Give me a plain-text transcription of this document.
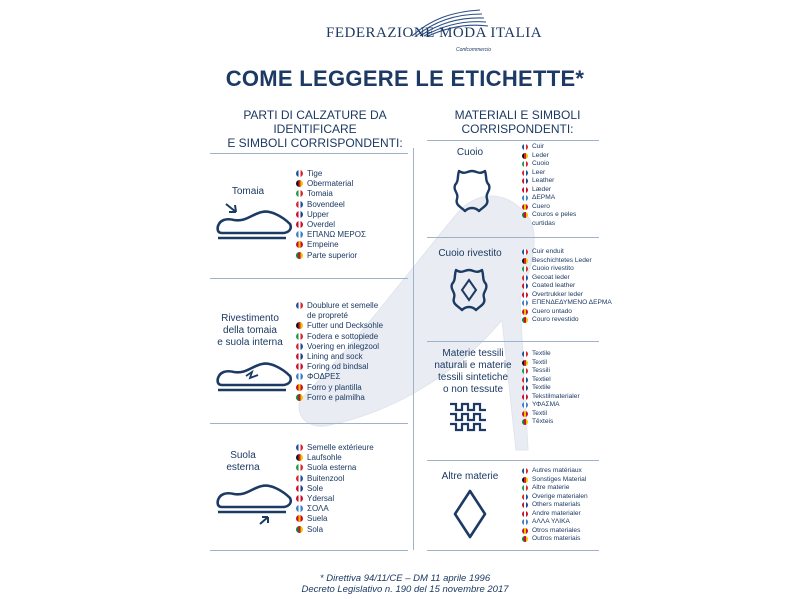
FEDERAZIONE MODA ITALIA
Confcommercio
COME LEGGERE LE ETICHETTE*
PARTI DI CALZATURE DA
IDENTIFICARE
E SIMBOLI CORRISPONDENTI:
MATERIALI E SIMBOLI
CORRISPONDENTI:
Tomaia
Tige
Obermaterial
Tomaia
Bovendeel
Upper
Overdel
ΕΠΑΝΩ ΜΕΡΟΣ
Empeine
Parte superior
Rivestimento
della tomaia
e suola interna
Doublure et semelle
de propreté
Futter und Decksohle
Fodera e sottopiede
Voering en inlegzool
Lining and sock
Foring od bindsal
ΦΟΔΡΕΣ
Forro y plantilla
Forro e palmilha
Suola
esterna
Semelle extérieure
Laufsohle
Suola esterna
Buitenzool
Sole
Ydersal
ΣΟΛΑ
Suela
Sola
Cuoio
Cuir
Leder
Cuoio
Leer
Leather
Læder
ΔΕΡΜΑ
Cuero
Couros e peles
curtidas
Cuoio rivestito	Cuir enduit
Beschichtetes Leder
Cuoio rivestito
Gecoat leder
Coated leather
Overtrukker leder
ΕΠΕΝΔΕΔΥΜΕΝΟ ΔΕΡΜΑ
Cuero untado
Couro revestido
Materie tessili
naturali e materie
tessili sintetiche
o non tessute
Textile
Textil
Tessili
Textiel
Textile
Tekstilmaterialer
ΥΦΑΣΜΑ
Textil
Têxteis
Altre materie
Autres matériaux
Sonstiges Material
Altre materie
Overige materialen
Others materials
Andre materialer
ΑΛΛΑ ΥΛΙΚΑ
Otros materiales
Outros materiais
* Direttiva 94/11/CE – DM 11 aprile 1996
Decreto Legislativo n. 190 del 15 novembre 2017
